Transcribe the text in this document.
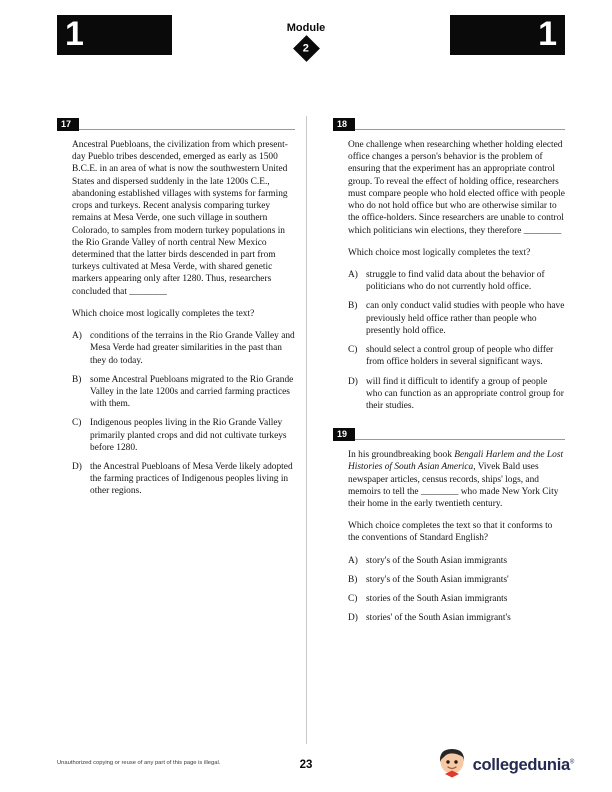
1	Module
2	1
17

Ancestral Puebloans, the civilization from which present-day Pueblo tribes descended, emerged as early as 1500 B.C.E. in an area of what is now the southwestern United States and dispersed suddenly in the late 1200s C.E., abandoning established villages with systems for farming crops and turkeys. Recent analysis comparing turkey remains at Mesa Verde, one such village in southern Colorado, to samples from modern turkey populations in the Rio Grande Valley of north central New Mexico determined that the latter birds descended in part from turkeys cultivated at Mesa Verde, with shared genetic markers appearing only after 1280. Thus, researchers concluded that ________

Which choice most logically completes the text?

A) conditions of the terrains in the Rio Grande Valley and Mesa Verde had greater similarities in the past than they do today.
B) some Ancestral Puebloans migrated to the Rio Grande Valley in the late 1200s and carried farming practices with them.
C) Indigenous peoples living in the Rio Grande Valley primarily planted crops and did not cultivate turkeys before 1280.
D) the Ancestral Puebloans of Mesa Verde likely adopted the farming practices of Indigenous peoples living in other regions.
18

One challenge when researching whether holding elected office changes a person's behavior is the problem of ensuring that the experiment has an appropriate control group. To reveal the effect of holding office, researchers must compare people who hold elected office with people who do not hold office but who are otherwise similar to the office-holders. Since researchers are unable to control which politicians win elections, they therefore ________

Which choice most logically completes the text?

A) struggle to find valid data about the behavior of politicians who do not currently hold office.
B) can only conduct valid studies with people who have previously held office rather than people who presently hold office.
C) should select a control group of people who differ from office holders in several significant ways.
D) will find it difficult to identify a group of people who can function as an appropriate control group for their studies.
19

In his groundbreaking book Bengali Harlem and the Lost Histories of South Asian America, Vivek Bald uses newspaper articles, census records, ships' logs, and memoirs to tell the ________ who made New York City their home in the early twentieth century.

Which choice completes the text so that it conforms to the conventions of Standard English?

A) story's of the South Asian immigrants
B) story's of the South Asian immigrants'
C) stories of the South Asian immigrants
D) stories' of the South Asian immigrant's
Unauthorized copying or reuse of any part of this page is illegal.	23	collegedunia®
